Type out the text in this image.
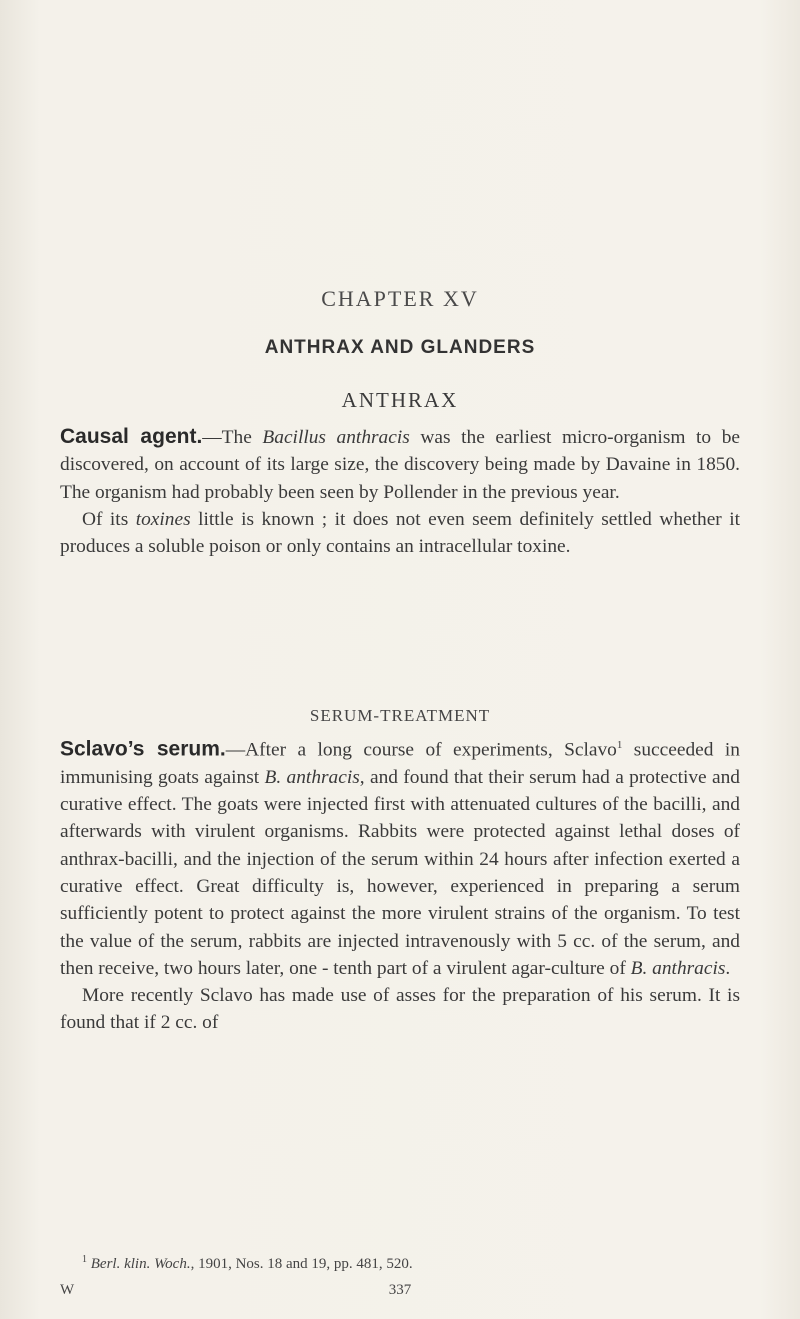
CHAPTER XV
ANTHRAX AND GLANDERS
ANTHRAX

Causal agent.—The Bacillus anthracis was the earliest micro-organism to be discovered, on account of its large size, the discovery being made by Davaine in 1850. The organism had probably been seen by Pollender in the previous year.

Of its toxines little is known ; it does not even seem definitely settled whether it produces a soluble poison or only contains an intracellular toxine.

SERUM-TREATMENT

Sclavo’s serum.—After a long course of experiments, Sclavo$^1$ succeeded in immunising goats against B. anthracis, and found that their serum had a protective and curative effect. The goats were injected first with attenuated cultures of the bacilli, and afterwards with virulent organisms. Rabbits were protected against lethal doses of anthrax-bacilli, and the injection of the serum within 24 hours after infection exerted a curative effect. Great difficulty is, however, experienced in preparing a serum sufficiently potent to protect against the more virulent strains of the organism. To test the value of the serum, rabbits are injected intravenously with 5 cc. of the serum, and then receive, two hours later, one - tenth part of a virulent agar-culture of B. anthracis.

More recently Sclavo has made use of asses for the preparation of his serum. It is found that if 2 cc. of

$^1$ Berl. klin. Woch., 1901, Nos. 18 and 19, pp. 481, 520.
W	337
